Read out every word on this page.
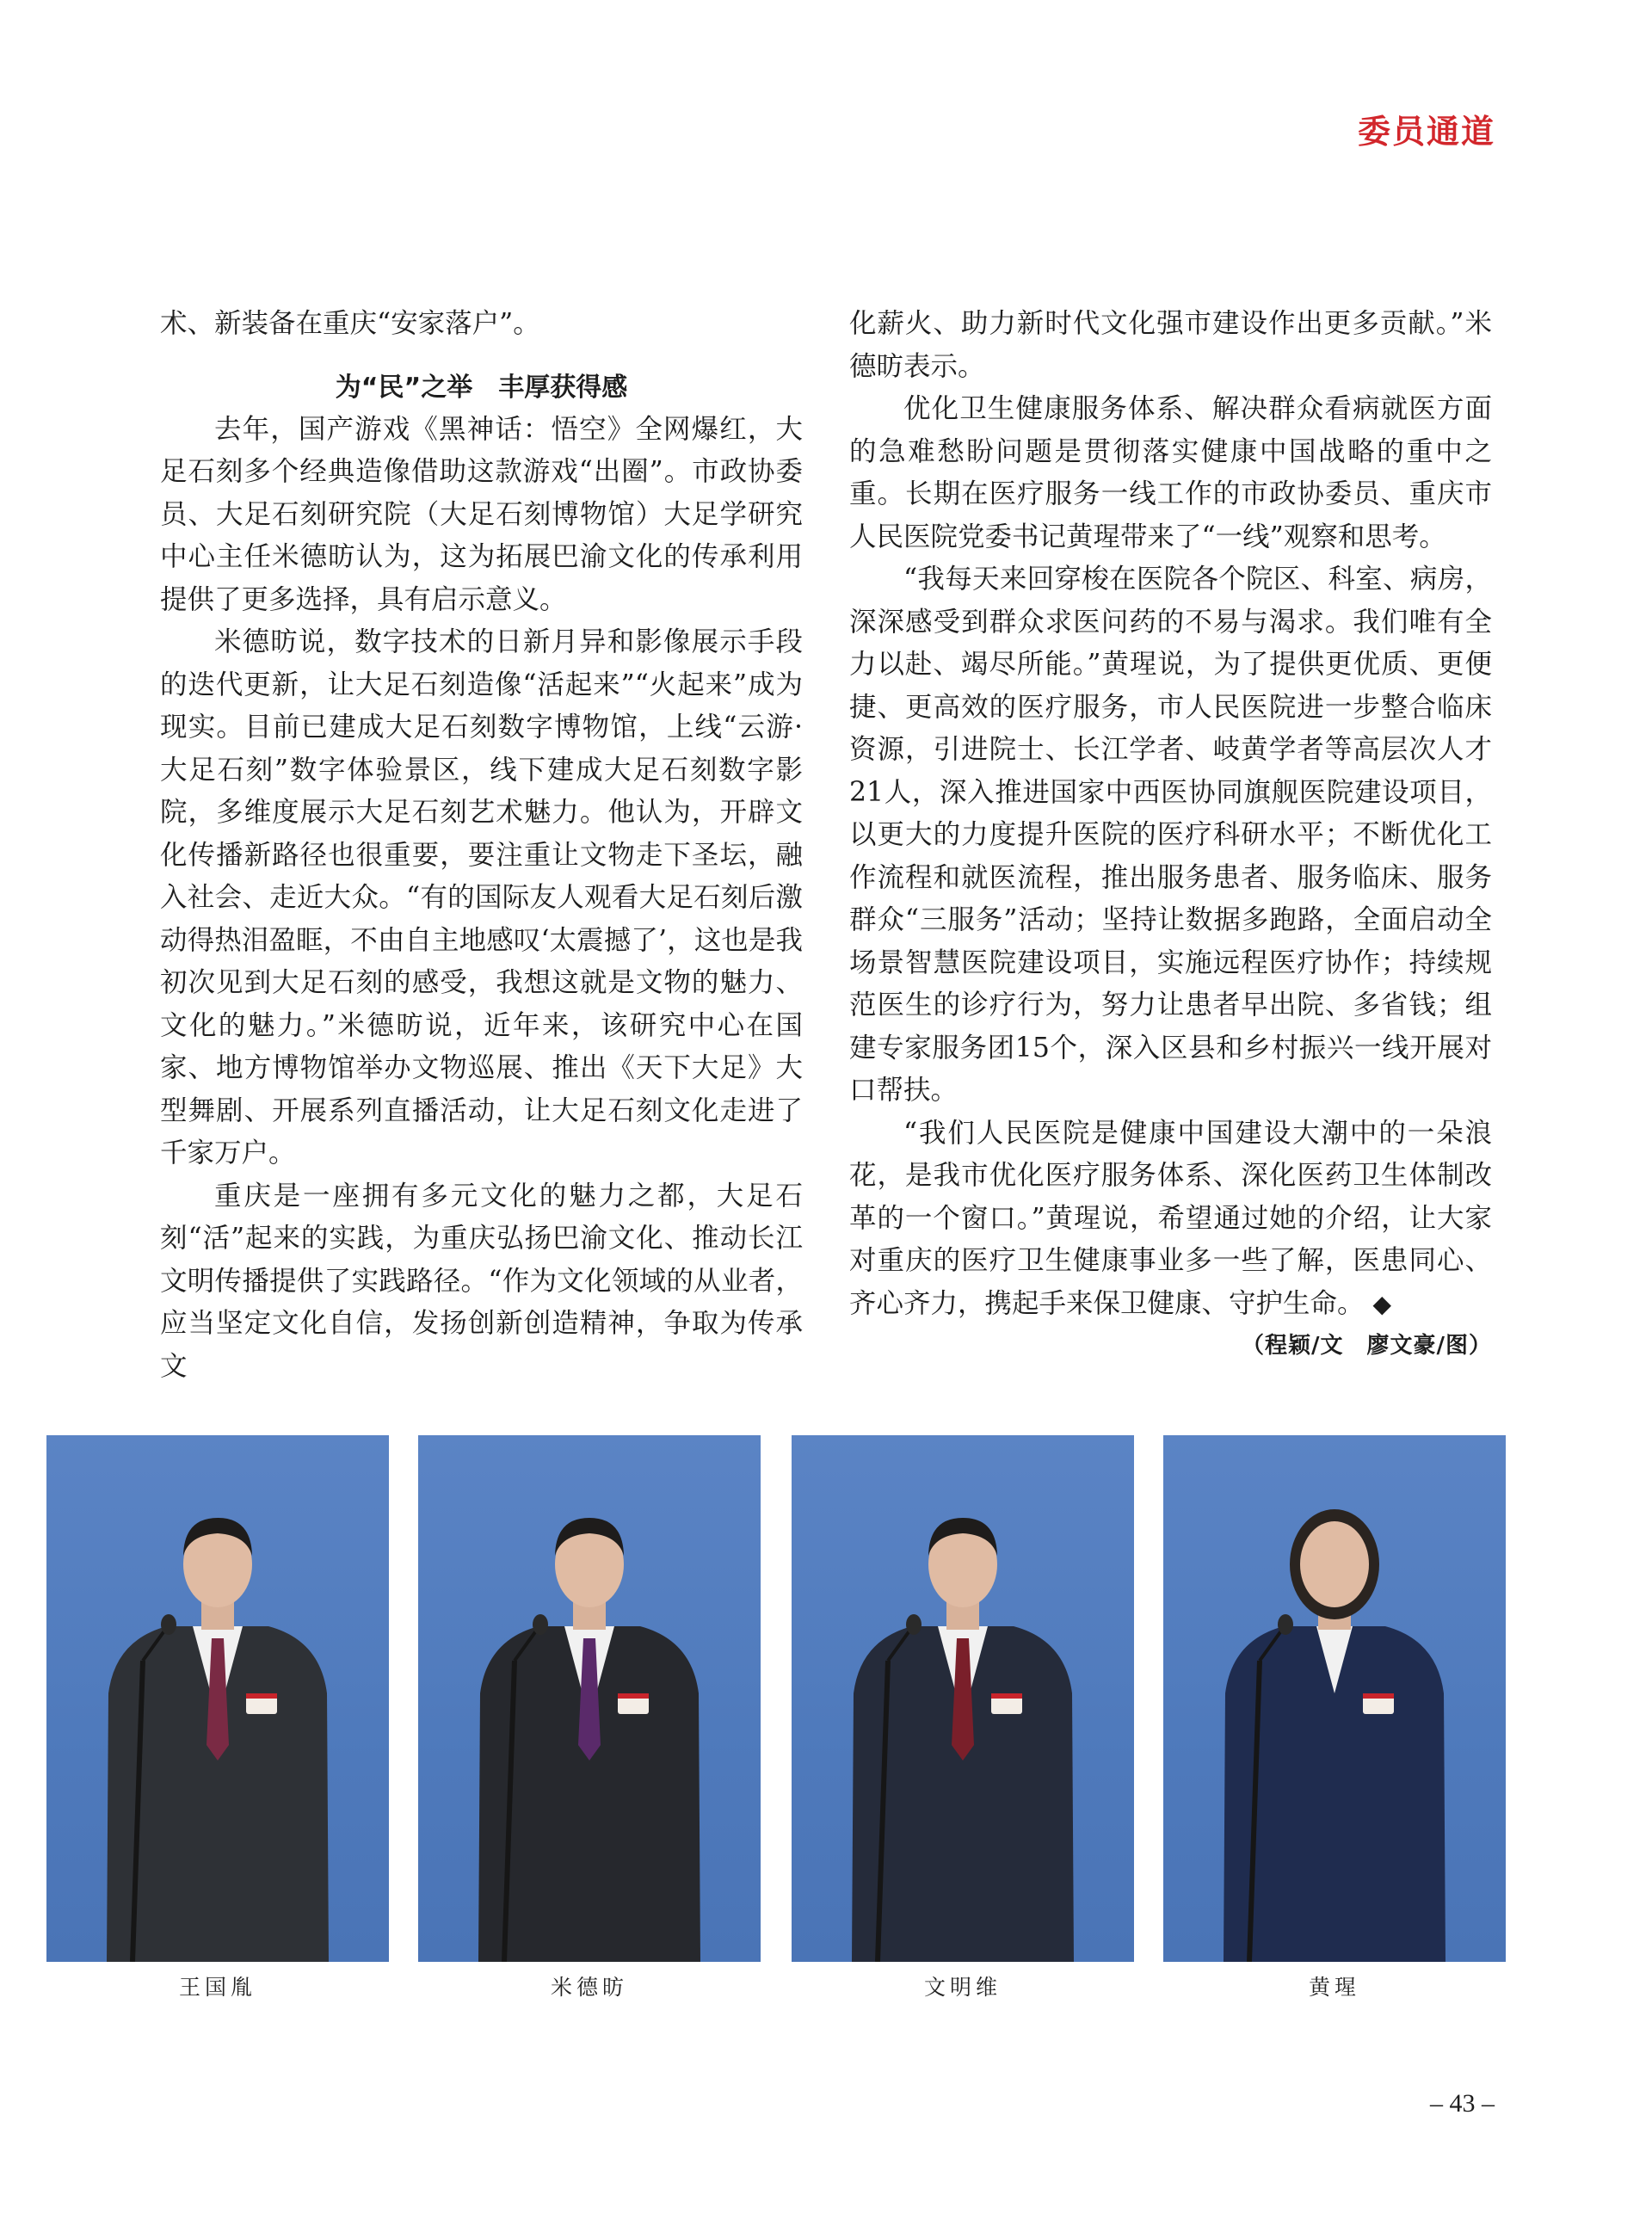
委员通道

术、新装备在重庆“安家落户”。

为“民”之举　丰厚获得感

去年，国产游戏《黑神话：悟空》全网爆红，大足石刻多个经典造像借助这款游戏“出圈”。市政协委员、大足石刻研究院（大足石刻博物馆）大足学研究中心主任米德昉认为，这为拓展巴渝文化的传承利用提供了更多选择，具有启示意义。

米德昉说，数字技术的日新月异和影像展示手段的迭代更新，让大足石刻造像“活起来”“火起来”成为现实。目前已建成大足石刻数字博物馆，上线“云游·大足石刻”数字体验景区，线下建成大足石刻数字影院，多维度展示大足石刻艺术魅力。他认为，开辟文化传播新路径也很重要，要注重让文物走下圣坛，融入社会、走近大众。“有的国际友人观看大足石刻后激动得热泪盈眶，不由自主地感叹‘太震撼了’，这也是我初次见到大足石刻的感受，我想这就是文物的魅力、文化的魅力。”米德昉说，近年来，该研究中心在国家、地方博物馆举办文物巡展、推出《天下大足》大型舞剧、开展系列直播活动，让大足石刻文化走进了千家万户。

重庆是一座拥有多元文化的魅力之都，大足石刻“活”起来的实践，为重庆弘扬巴渝文化、推动长江文明传播提供了实践路径。“作为文化领域的从业者，应当坚定文化自信，发扬创新创造精神，争取为传承文

化薪火、助力新时代文化强市建设作出更多贡献。”米德昉表示。

优化卫生健康服务体系、解决群众看病就医方面的急难愁盼问题是贯彻落实健康中国战略的重中之重。长期在医疗服务一线工作的市政协委员、重庆市人民医院党委书记黄瑆带来了“一线”观察和思考。

“我每天来回穿梭在医院各个院区、科室、病房，深深感受到群众求医问药的不易与渴求。我们唯有全力以赴、竭尽所能。”黄瑆说，为了提供更优质、更便捷、更高效的医疗服务，市人民医院进一步整合临床资源，引进院士、长江学者、岐黄学者等高层次人才21人，深入推进国家中西医协同旗舰医院建设项目，以更大的力度提升医院的医疗科研水平；不断优化工作流程和就医流程，推出服务患者、服务临床、服务群众“三服务”活动；坚持让数据多跑路，全面启动全场景智慧医院建设项目，实施远程医疗协作；持续规范医生的诊疗行为，努力让患者早出院、多省钱；组建专家服务团15个，深入区县和乡村振兴一线开展对口帮扶。

“我们人民医院是健康中国建设大潮中的一朵浪花，是我市优化医疗服务体系、深化医药卫生体制改革的一个窗口。”黄瑆说，希望通过她的介绍，让大家对重庆的医疗卫生健康事业多一些了解，医患同心、齐心齐力，携起手来保卫健康、守护生命。 ◆

（程颖/文　廖文豪/图）
王国胤	米德昉	文明维	黄瑆
– 43 –
